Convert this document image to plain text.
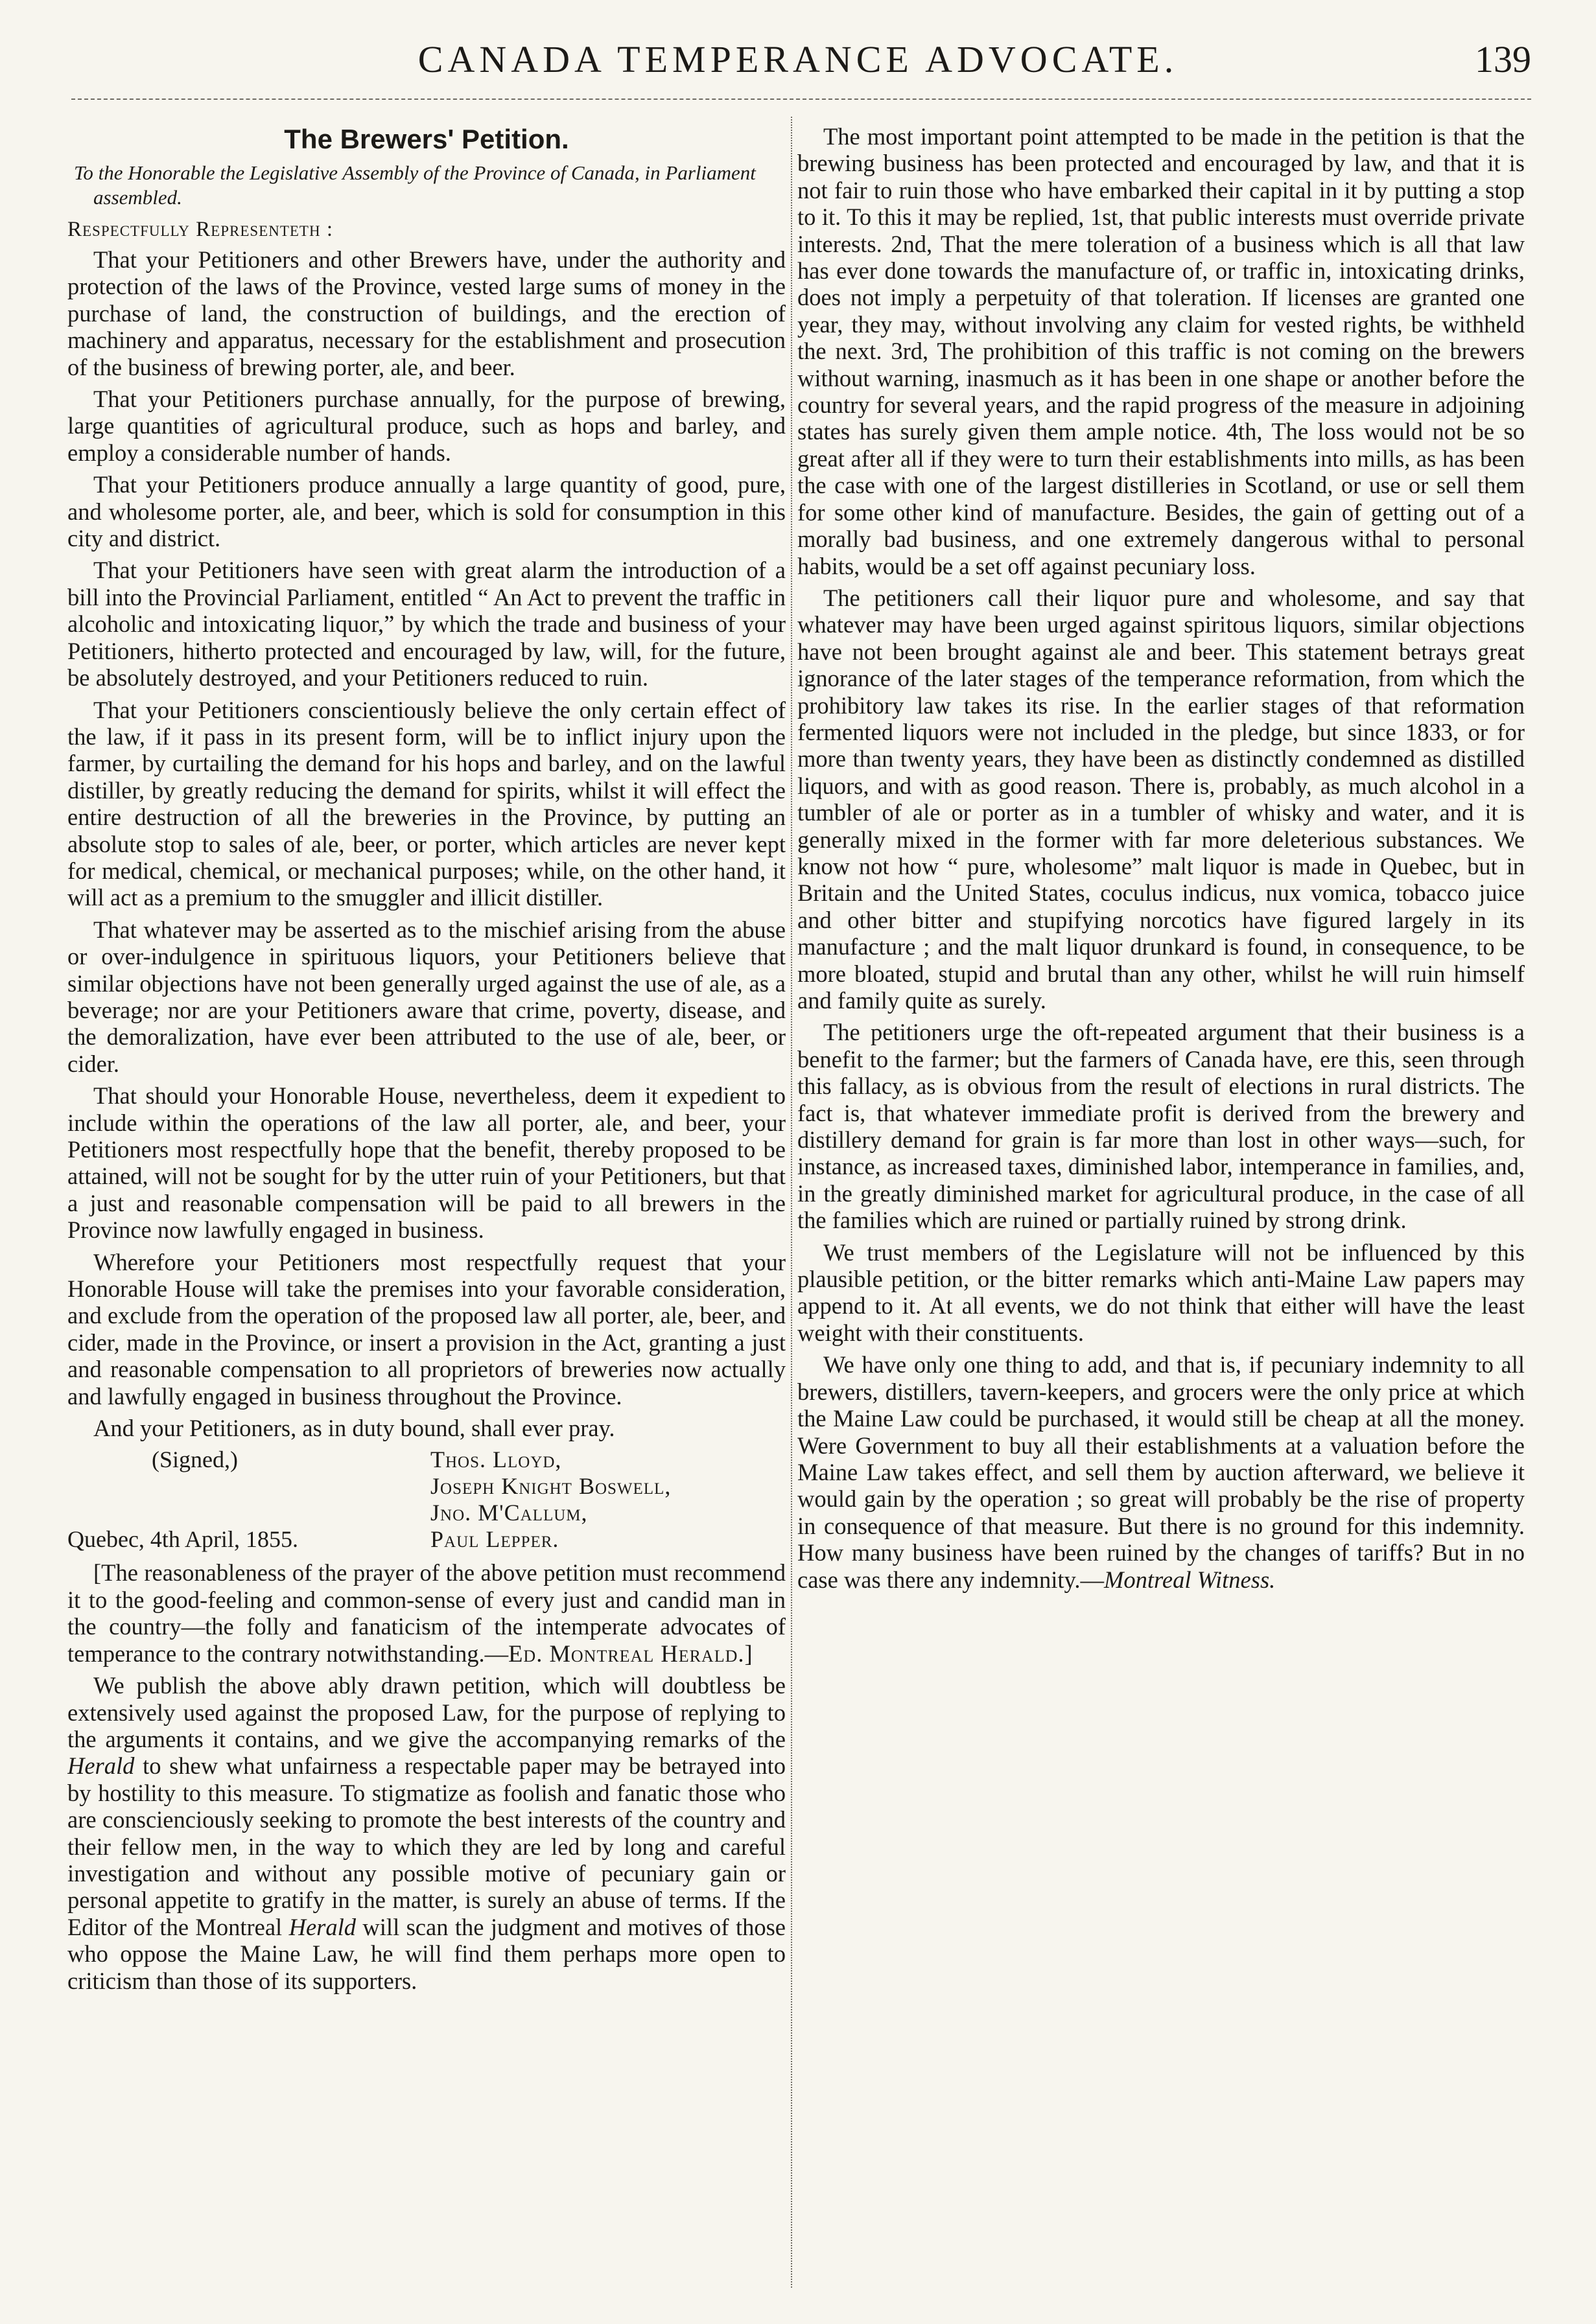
CANADA TEMPERANCE ADVOCATE.	139
The Brewers' Petition.
To the Honorable the Legislative Assembly of the Province of Canada, in Parliament assembled.
Respectfully Representeth :

That your Petitioners and other Brewers have, under the authority and protection of the laws of the Province, vested large sums of money in the purchase of land, the construction of buildings, and the erection of machinery and apparatus, necessary for the establishment and prosecution of the business of brewing porter, ale, and beer.

That your Petitioners purchase annually, for the purpose of brewing, large quantities of agricultural produce, such as hops and barley, and employ a considerable number of hands.

That your Petitioners produce annually a large quantity of good, pure, and wholesome porter, ale, and beer, which is sold for consumption in this city and district.

That your Petitioners have seen with great alarm the introduction of a bill into the Provincial Parliament, entitled “ An Act to prevent the traffic in alcoholic and intoxicating liquor,” by which the trade and business of your Petitioners, hitherto protected and encouraged by law, will, for the future, be absolutely destroyed, and your Petitioners reduced to ruin.

That your Petitioners conscientiously believe the only certain effect of the law, if it pass in its present form, will be to inflict injury upon the farmer, by curtailing the demand for his hops and barley, and on the lawful distiller, by greatly reducing the demand for spirits, whilst it will effect the entire destruction of all the breweries in the Province, by putting an absolute stop to sales of ale, beer, or porter, which articles are never kept for medical, chemical, or mechanical purposes; while, on the other hand, it will act as a premium to the smuggler and illicit distiller.

That whatever may be asserted as to the mischief arising from the abuse or over-indulgence in spirituous liquors, your Petitioners believe that similar objections have not been generally urged against the use of ale, as a beverage; nor are your Petitioners aware that crime, poverty, disease, and the demoralization, have ever been attributed to the use of ale, beer, or cider.

That should your Honorable House, nevertheless, deem it expedient to include within the operations of the law all porter, ale, and beer, your Petitioners most respectfully hope that the benefit, thereby proposed to be attained, will not be sought for by the utter ruin of your Petitioners, but that a just and reasonable compensation will be paid to all brewers in the Province now lawfully engaged in business.

Wherefore your Petitioners most respectfully request that your Honorable House will take the premises into your favorable consideration, and exclude from the operation of the proposed law all porter, ale, beer, and cider, made in the Province, or insert a provision in the Act, granting a just and reasonable compensation to all proprietors of breweries now actually and lawfully engaged in business throughout the Province.

And your Petitioners, as in duty bound, shall ever pray.

(Signed,)	Thos. Lloyd,
Joseph Knight Boswell,
Jno. M'Callum,
Quebec, 4th April, 1855.	Paul Lepper.

[The reasonableness of the prayer of the above petition must recommend it to the good-feeling and common-sense of every just and candid man in the country—the folly and fanaticism of the intemperate advocates of temperance to the contrary notwithstanding.—Ed. Montreal Herald.]

We publish the above ably drawn petition, which will doubtless be extensively used against the proposed Law, for the purpose of replying to the arguments it contains, and we give the accompanying remarks of the Herald to shew what unfairness a respectable paper may be betrayed into by hostility to this measure. To stigmatize as foolish and fanatic those who are conscienciously seeking to promote the best interests of the country and their fellow men, in the way to which they are led by long and careful investigation and without any possible motive of pecuniary gain or personal appetite to gratify in the matter, is surely an abuse of terms. If the Editor of the Montreal Herald will scan the judgment and motives of those who oppose the Maine Law, he will find them perhaps more open to criticism than those of its supporters.

The most important point attempted to be made in the petition is that the brewing business has been protected and encouraged by law, and that it is not fair to ruin those who have embarked their capital in it by putting a stop to it. To this it may be replied, 1st, that public interests must override private interests. 2nd, That the mere toleration of a business which is all that law has ever done towards the manufacture of, or traffic in, intoxicating drinks, does not imply a perpetuity of that toleration. If licenses are granted one year, they may, without involving any claim for vested rights, be withheld the next. 3rd, The prohibition of this traffic is not coming on the brewers without warning, inasmuch as it has been in one shape or another before the country for several years, and the rapid progress of the measure in adjoining states has surely given them ample notice. 4th, The loss would not be so great after all if they were to turn their establishments into mills, as has been the case with one of the largest distilleries in Scotland, or use or sell them for some other kind of manufacture. Besides, the gain of getting out of a morally bad business, and one extremely dangerous withal to personal habits, would be a set off against pecuniary loss.

The petitioners call their liquor pure and wholesome, and say that whatever may have been urged against spiritous liquors, similar objections have not been brought against ale and beer. This statement betrays great ignorance of the later stages of the temperance reformation, from which the prohibitory law takes its rise. In the earlier stages of that reformation fermented liquors were not included in the pledge, but since 1833, or for more than twenty years, they have been as distinctly condemned as distilled liquors, and with as good reason. There is, probably, as much alcohol in a tumbler of ale or porter as in a tumbler of whisky and water, and it is generally mixed in the former with far more deleterious substances. We know not how “ pure, wholesome” malt liquor is made in Quebec, but in Britain and the United States, coculus indicus, nux vomica, tobacco juice and other bitter and stupifying norcotics have figured largely in its manufacture ; and the malt liquor drunkard is found, in consequence, to be more bloated, stupid and brutal than any other, whilst he will ruin himself and family quite as surely.

The petitioners urge the oft-repeated argument that their business is a benefit to the farmer; but the farmers of Canada have, ere this, seen through this fallacy, as is obvious from the result of elections in rural districts. The fact is, that whatever immediate profit is derived from the brewery and distillery demand for grain is far more than lost in other ways—such, for instance, as increased taxes, diminished labor, intemperance in families, and, in the greatly diminished market for agricultural produce, in the case of all the families which are ruined or partially ruined by strong drink.

We trust members of the Legislature will not be influenced by this plausible petition, or the bitter remarks which anti-Maine Law papers may append to it. At all events, we do not think that either will have the least weight with their constituents.

We have only one thing to add, and that is, if pecuniary indemnity to all brewers, distillers, tavern-keepers, and grocers were the only price at which the Maine Law could be purchased, it would still be cheap at all the money. Were Government to buy all their establishments at a valuation before the Maine Law takes effect, and sell them by auction afterward, we believe it would gain by the operation ; so great will probably be the rise of property in consequence of that measure. But there is no ground for this indemnity. How many business have been ruined by the changes of tariffs? But in no case was there any indemnity.—Montreal Witness.
